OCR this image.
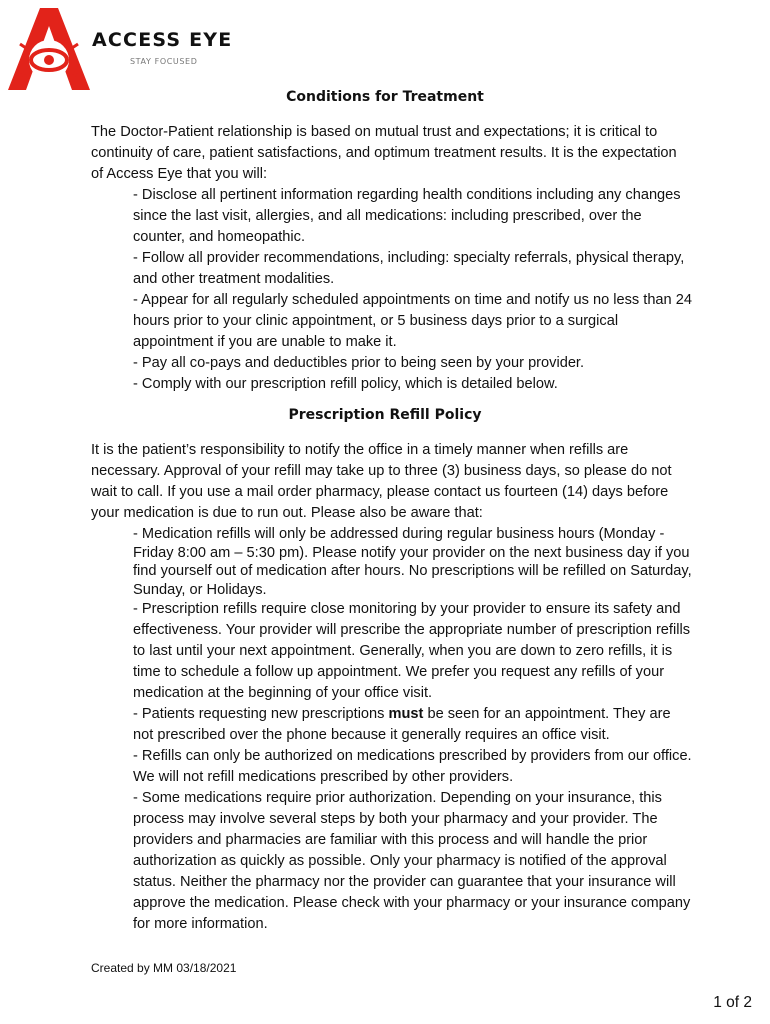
ACCESS EYE
STAY FOCUSED
Conditions for Treatment

The Doctor-Patient relationship is based on mutual trust and expectations; it is critical to continuity of care, patient satisfactions, and optimum treatment results. It is the expectation of Access Eye that you will:

- Disclose all pertinent information regarding health conditions including any changes since the last visit, allergies, and all medications: including prescribed, over the counter, and homeopathic.
- Follow all provider recommendations, including: specialty referrals, physical therapy, and other treatment modalities.
- Appear for all regularly scheduled appointments on time and notify us no less than 24 hours prior to your clinic appointment, or 5 business days prior to a surgical appointment if you are unable to make it.
- Pay all co-pays and deductibles prior to being seen by your provider.
- Comply with our prescription refill policy, which is detailed below.
Prescription Refill Policy

It is the patient’s responsibility to notify the office in a timely manner when refills are necessary. Approval of your refill may take up to three (3) business days, so please do not wait to call. If you use a mail order pharmacy, please contact us fourteen (14) days before your medication is due to run out. Please also be aware that:

- Medication refills will only be addressed during regular business hours (Monday - Friday 8:00 am – 5:30 pm). Please notify your provider on the next business day if you find yourself out of medication after hours. No prescriptions will be refilled on Saturday, Sunday, or Holidays.
- Prescription refills require close monitoring by your provider to ensure its safety and effectiveness. Your provider will prescribe the appropriate number of prescription refills to last until your next appointment. Generally, when you are down to zero refills, it is time to schedule a follow up appointment. We prefer you request any refills of your medication at the beginning of your office visit.
- Patients requesting new prescriptions must be seen for an appointment. They are not prescribed over the phone because it generally requires an office visit.
- Refills can only be authorized on medications prescribed by providers from our office. We will not refill medications prescribed by other providers.
- Some medications require prior authorization. Depending on your insurance, this process may involve several steps by both your pharmacy and your provider. The providers and pharmacies are familiar with this process and will handle the prior authorization as quickly as possible. Only your pharmacy is notified of the approval status. Neither the pharmacy nor the provider can guarantee that your insurance will approve the medication. Please check with your pharmacy or your insurance company for more information.
Created by MM 03/18/2021
1 of 2
